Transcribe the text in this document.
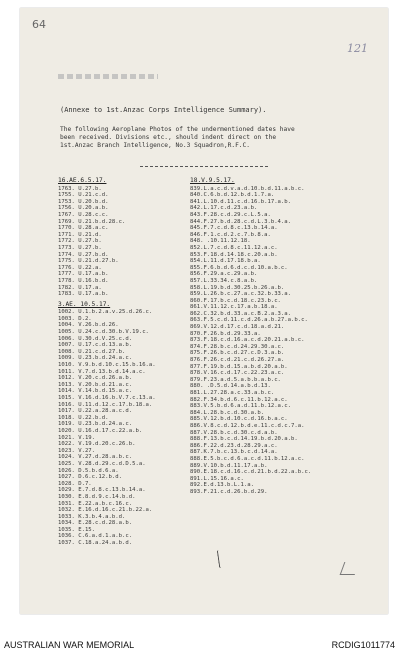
64
121
(Annexe to 1st.Anzac Corps Intelligence Summary).
The following Aeroplane Photos of the undermentioned dates have
been received. Divisions etc., should indent direct on the
1st.Anzac Branch Intelligence, No.3 Squadron,R.F.C.
16.AE.6.5.17.
1763. U.27.b.
1755. U.21.c.d.
1753. U.20.b.d.
1756. U.20.a.b.
1767. U.28.c.c.
1769. U.21.b.d.28.c.
1770. U.28.a.c.
1771. U.21.d.
1772. U.27.b.
1773. U.27.b.
1774. U.27.b.d.
1775. U.21.d.27.b.
1776. U.22.a.
1777. U.17.a.b.
1778. U.16.b.d.
1782. U.17.a.
1783. U.17.a.b.
3.AE. 10.5.17.
1002. U.1.b.2.a.v.25.d.26.c.
1003. D.2.
1004. V.26.b.d.26.
1005. U.24.c.d.30.b.V.19.c.
1006. U.30.d.V.25.c.d.
1007. U.17.c.d.13.a.b.
1008. U.21.c.d.27.b.
1009. U.23.b.d.24.a.c.
1010. V.9.b.d.10.c.15.b.16.a.
1011. V.7.d.13.b.d.14.a.c.
1012. V.20.c.d.26.a.b.
1013. V.20.b.d.21.a.c.
1014. V.14.b.d.15.a.c.
1015. V.16.d.16.b.V.7.c.13.a.
1016. U.11.d.12.c.17.b.18.a.
1017. U.22.a.28.a.c.d.
1018. U.22.b.d.
1019. U.23.b.d.24.a.c.
1020. U.16.d.17.c.22.a.b.
1021. V.19.
1022. V.19.d.20.c.26.b.
1023. V.27.
1024. V.27.d.28.a.b.c.
1025. V.28.d.29.c.d.D.5.a.
1026. D.5.b.d.6.a.
1027. D.6.c.12.b.d.
1028. D.7.
1029. E.7.d.8.c.13.b.14.a.
1030. E.8.d.9.c.14.b.d.
1031. E.22.a.b.c.16.c.
1032. E.16.d.16.c.21.b.22.a.
1033. K.3.b.4.a.b.d.
1034. E.28.c.d.28.a.b.
1035. E.15.
1036. C.6.a.d.1.a.b.c.
1037. C.18.a.24.a.b.d.
18.V.9.5.17.
839.L.a.c.d.v.a.d.10.b.d.11.a.b.c.
840.C.6.b.d.12.b.d.1.7.a.
841.L.10.d.11.c.d.16.b.17.a.b.
842.L.17.c.d.23.a.b.
843.F.28.c.d.29.c.L.5.a.
844.F.27.b.d.28.c.d.L.3.b.4.a.
845.F.7.c.d.8.c.13.b.14.a.
846.F.1.c.d.2.c.7.b.8.a.
848. .10.11.12.18.
852.L.7.c.d.8.c.11.12.a.c.
853.F.18.d.14.18.c.20.a.b.
854.L.11.d.17.18.b.a.
855.F.6.b.d.6.d.c.d.10.a.b.c.
856.F.29.a.c.29.a.b.
857.L.33.34.c.8.a.b.
858.L.19.b.d.30.25.b.26.a.b.
859.L.26.b.c.27.a.c.32.b.33.a.
860.F.17.b.c.d.18.c.23.b.c.
861.V.11.12.c.17.a.b.18.a.
862.C.32.b.d.33.a.c.B.2.a.3.a.
863.F.5.c.d.11.c.d.26.a.b.27.a.b.c.
869.V.12.d.17.c.d.18.a.d.21.
870.F.26.b.d.29.33.a.
873.F.18.c.d.16.a.c.d.20.21.a.b.c.
874.F.28.b.c.d.24.29.30.a.c.
875.F.26.b.c.d.27.c.D.3.a.b.
876.F.26.c.d.21.c.d.26.27.a.
877.F.19.b.d.15.a.b.d.20.a.b.
878.V.16.c.d.17.c.22.23.a.c.
879.F.23.a.d.5.a.b.b.a.b.c.
880. .D.5.d.14.a.b.d.13.
881.L.27.28.a.c.33.a.b.c.
882.F.34.b.d.6.c.11.b.12.a.c.
883.V.5.b.d.6.a.d.11.b.12.a.c.
884.L.28.b.c.d.30.a.b.
885.V.12.b.d.10.c.d.16.b.a.c.
886.V.8.c.d.12.b.d.e.11.c.d.c.7.a.
887.V.28.b.c.d.30.c.d.a.b.
888.F.13.b.c.d.14.19.b.d.20.a.b.
886.F.22.d.23.d.28.29.a.c.
887.K.7.b.c.13.b.c.d.14.a.
888.E.5.b.c.d.6.a.c.d.11.b.12.a.c.
889.V.10.b.d.11.17.a.b.
890.E.18.c.d.16.c.d.21.b.d.22.a.b.c.
891.L.15.16.a.c.
892.E.d.13.b.L.1.a.
893.F.21.c.d.26.b.d.29.
AUSTRALIAN WAR MEMORIAL	RCDIG1011774
